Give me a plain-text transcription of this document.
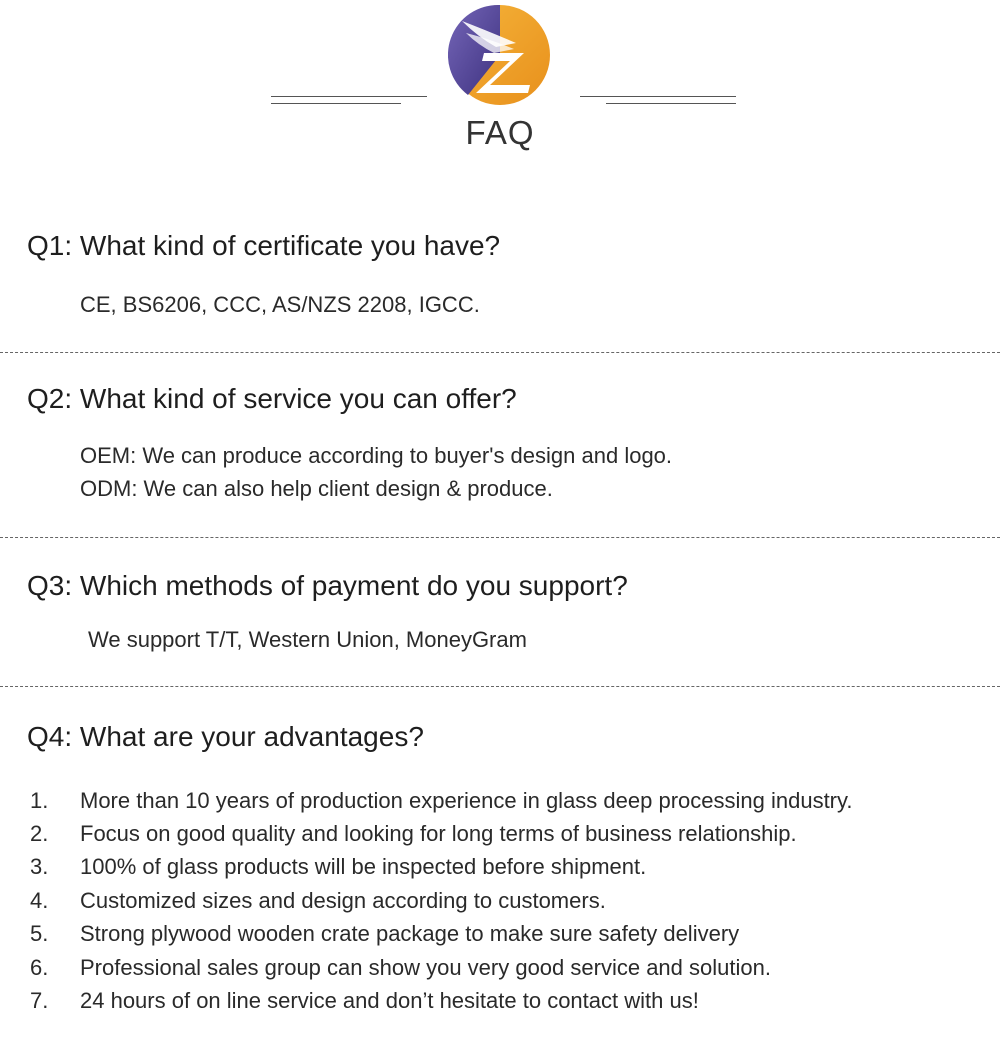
FAQ
Q1: What kind of certificate you have?
CE, BS6206, CCC, AS/NZS 2208, IGCC.
Q2: What kind of service you can offer?
OEM: We can produce according to buyer's design and logo.
ODM: We can also help client design & produce.
Q3: Which methods of payment do you support?
We support T/T, Western Union, MoneyGram
Q4: What are your advantages?
1. More than 10 years of production experience in glass deep processing industry.
2. Focus on good quality and looking for long terms of business relationship.
3. 100% of glass products will be inspected before shipment.
4. Customized sizes and design according to customers.
5. Strong plywood wooden crate package to make sure safety delivery
6. Professional sales group can show you very good service and solution.
7. 24 hours of on line service and don’t hesitate to contact with us!
